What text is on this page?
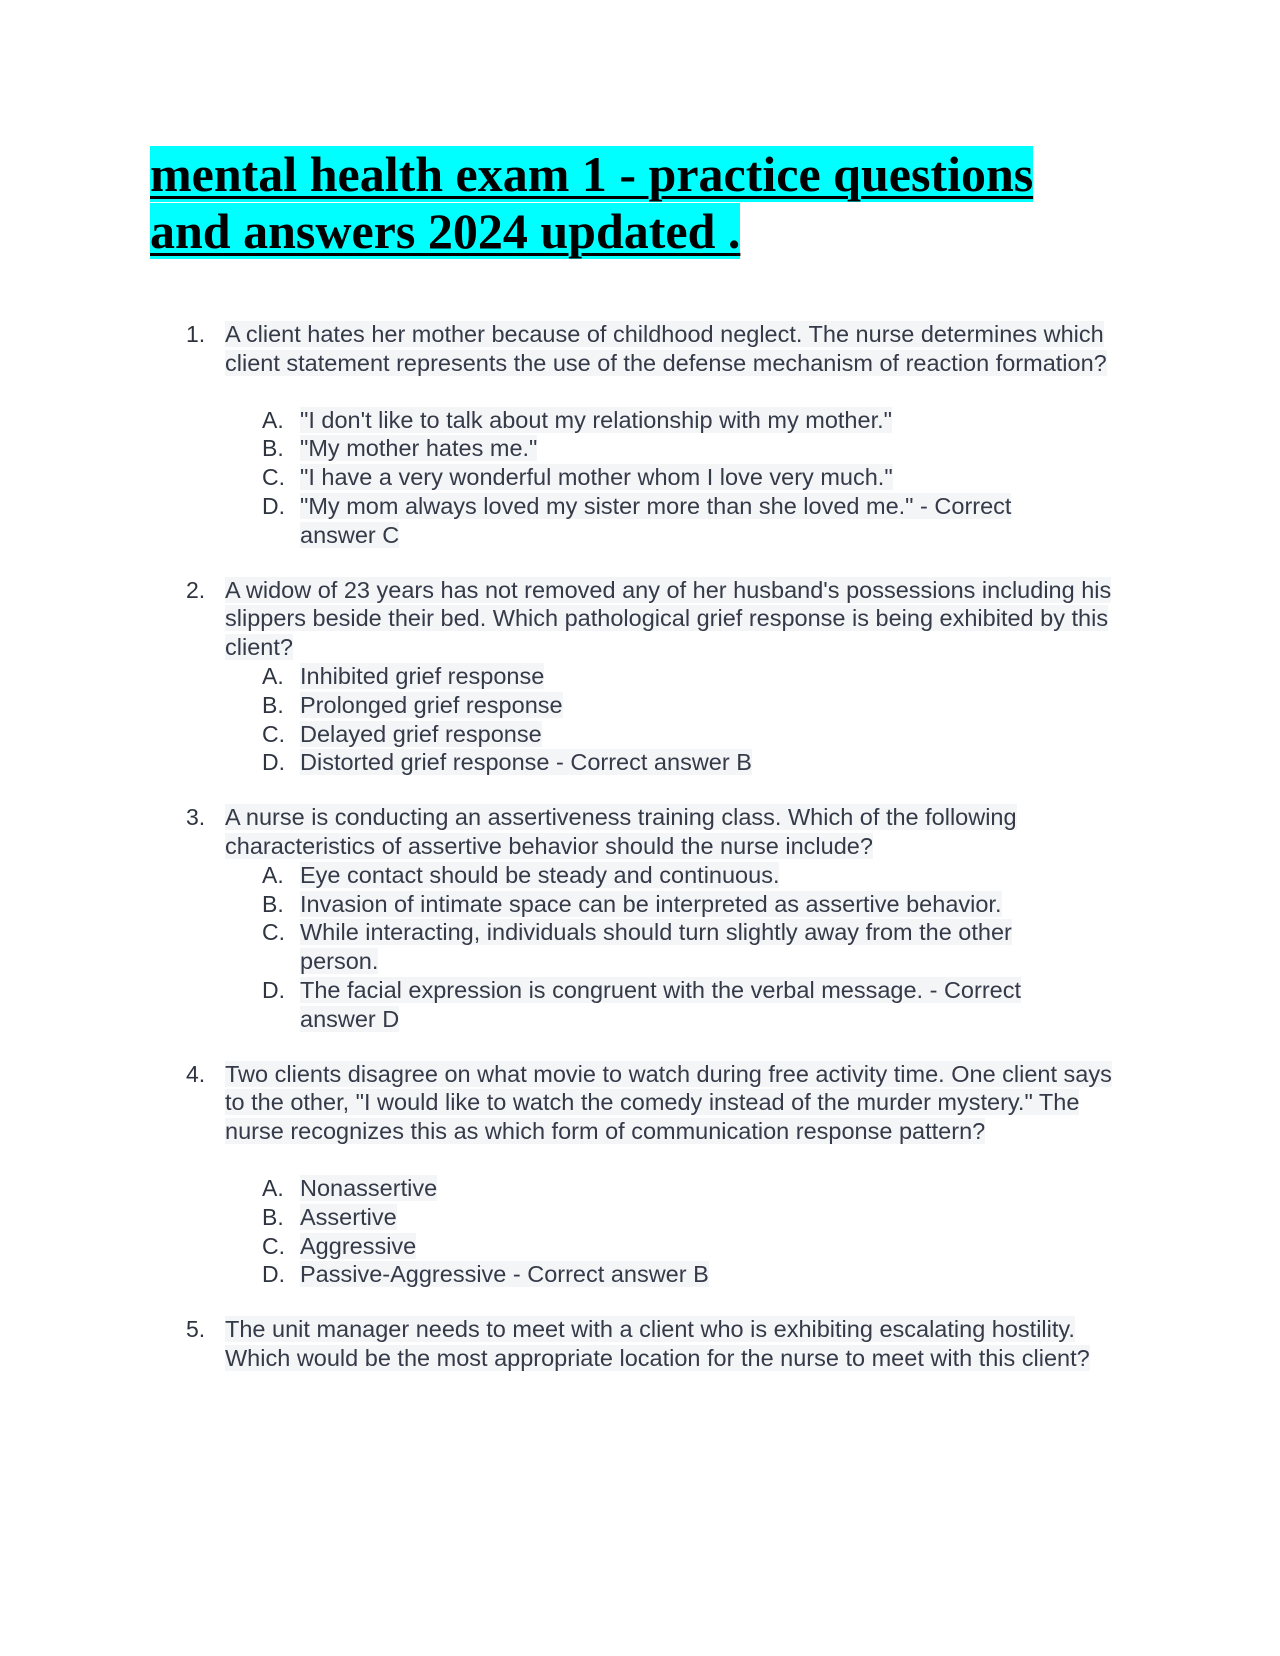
mental health exam 1 - practice questions
and answers 2024 updated .
1. A client hates her mother because of childhood neglect. The nurse determines which client statement represents the use of the defense mechanism of reaction formation?
A. "I don't like to talk about my relationship with my mother."
B. "My mother hates me."
C. "I have a very wonderful mother whom I love very much."
D. "My mom always loved my sister more than she loved me." - Correct answer C
2. A widow of 23 years has not removed any of her husband's possessions including his slippers beside their bed. Which pathological grief response is being exhibited by this client?
A. Inhibited grief response
B. Prolonged grief response
C. Delayed grief response
D. Distorted grief response - Correct answer B
3. A nurse is conducting an assertiveness training class. Which of the following characteristics of assertive behavior should the nurse include?
A. Eye contact should be steady and continuous.
B. Invasion of intimate space can be interpreted as assertive behavior.
C. While interacting, individuals should turn slightly away from the other person.
D. The facial expression is congruent with the verbal message. - Correct answer D
4. Two clients disagree on what movie to watch during free activity time. One client says to the other, "I would like to watch the comedy instead of the murder mystery." The nurse recognizes this as which form of communication response pattern?
A. Nonassertive
B. Assertive
C. Aggressive
D. Passive-Aggressive - Correct answer B
5. The unit manager needs to meet with a client who is exhibiting escalating hostility. Which would be the most appropriate location for the nurse to meet with this client?
